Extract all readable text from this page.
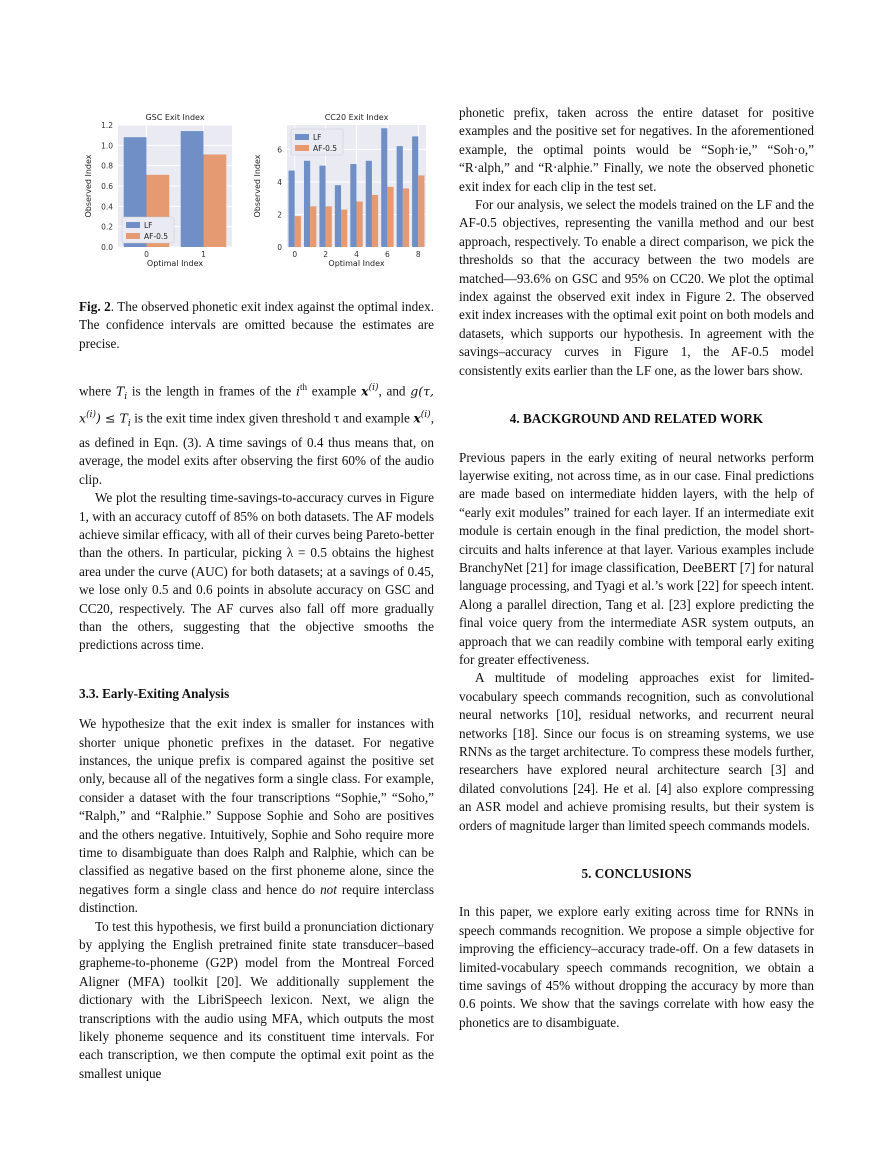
0.0
0.2
0.4
0.6
0.8
1.0
1.2
0	1
GSC Exit Index
Optimal Index
Observed Index
LF
AF-0.5
0
2
4
6
0	2	4	6	8
CC20 Exit Index
Optimal Index
Observed Index
LF
AF-0.5

Fig. 2. The observed phonetic exit index against the optimal index. The confidence intervals are omitted because the estimates are precise.

where $T_i$ is the length in frames of the $i^{th}$ example $x^{(i)}$, and g(τ, $x^{(i)}) \le T_i$ is the exit time index given threshold τ and example $x^{(i)}$, as defined in Eqn. (3). A time savings of 0.4 thus means that, on average, the model exits after observing the first 60% of the audio clip.

We plot the resulting time-savings-to-accuracy curves in Figure 1, with an accuracy cutoff of 85% on both datasets. The AF models achieve similar efficacy, with all of their curves being Pareto-better than the others. In particular, picking λ = 0.5 obtains the highest area under the curve (AUC) for both datasets; at a savings of 0.45, we lose only 0.5 and 0.6 points in absolute accuracy on GSC and CC20, respectively. The AF curves also fall off more gradually than the others, suggesting that the objective smooths the predictions across time.

3.3. Early-Exiting Analysis

We hypothesize that the exit index is smaller for instances with shorter unique phonetic prefixes in the dataset. For negative instances, the unique prefix is compared against the positive set only, because all of the negatives form a single class. For example, consider a dataset with the four transcriptions “Sophie,” “Soho,” “Ralph,” and “Ralphie.” Suppose Sophie and Soho are positives and the others negative. Intuitively, Sophie and Soho require more time to disambiguate than does Ralph and Ralphie, which can be classified as negative based on the first phoneme alone, since the negatives form a single class and hence do not require interclass distinction.

To test this hypothesis, we first build a pronunciation dictionary by applying the English pretrained finite state transducer–based grapheme-to-phoneme (G2P) model from the Montreal Forced Aligner (MFA) toolkit [20]. We additionally supplement the dictionary with the LibriSpeech lexicon. Next, we align the transcriptions with the audio using MFA, which outputs the most likely phoneme sequence and its constituent time intervals. For each transcription, we then compute the optimal exit point as the smallest unique

phonetic prefix, taken across the entire dataset for positive examples and the positive set for negatives. In the aforementioned example, the optimal points would be “Soph·ie,” “Soh·o,” “R·alph,” and “R·alphie.” Finally, we note the observed phonetic exit index for each clip in the test set.

For our analysis, we select the models trained on the LF and the AF-0.5 objectives, representing the vanilla method and our best approach, respectively. To enable a direct comparison, we pick the thresholds so that the accuracy between the two models are matched—93.6% on GSC and 95% on CC20. We plot the optimal index against the observed exit index in Figure 2. The observed exit index increases with the optimal exit point on both models and datasets, which supports our hypothesis. In agreement with the savings–accuracy curves in Figure 1, the AF-0.5 model consistently exits earlier than the LF one, as the lower bars show.

4. BACKGROUND AND RELATED WORK

Previous papers in the early exiting of neural networks perform layerwise exiting, not across time, as in our case. Final predictions are made based on intermediate hidden layers, with the help of “early exit modules” trained for each layer. If an intermediate exit module is certain enough in the final prediction, the model short-circuits and halts inference at that layer. Various examples include BranchyNet [21] for image classification, DeeBERT [7] for natural language processing, and Tyagi et al.’s work [22] for speech intent. Along a parallel direction, Tang et al. [23] explore predicting the final voice query from the intermediate ASR system outputs, an approach that we can readily combine with temporal early exiting for greater effectiveness.

A multitude of modeling approaches exist for limited-vocabulary speech commands recognition, such as convolutional neural networks [10], residual networks, and recurrent neural networks [18]. Since our focus is on streaming systems, we use RNNs as the target architecture. To compress these models further, researchers have explored neural architecture search [3] and dilated convolutions [24]. He et al. [4] also explore compressing an ASR model and achieve promising results, but their system is orders of magnitude larger than limited speech commands models.

5. CONCLUSIONS

In this paper, we explore early exiting across time for RNNs in speech commands recognition. We propose a simple objective for improving the efficiency–accuracy trade-off. On a few datasets in limited-vocabulary speech commands recognition, we obtain a time savings of 45% without dropping the accuracy by more than 0.6 points. We show that the savings correlate with how easy the phonetics are to disambiguate.
